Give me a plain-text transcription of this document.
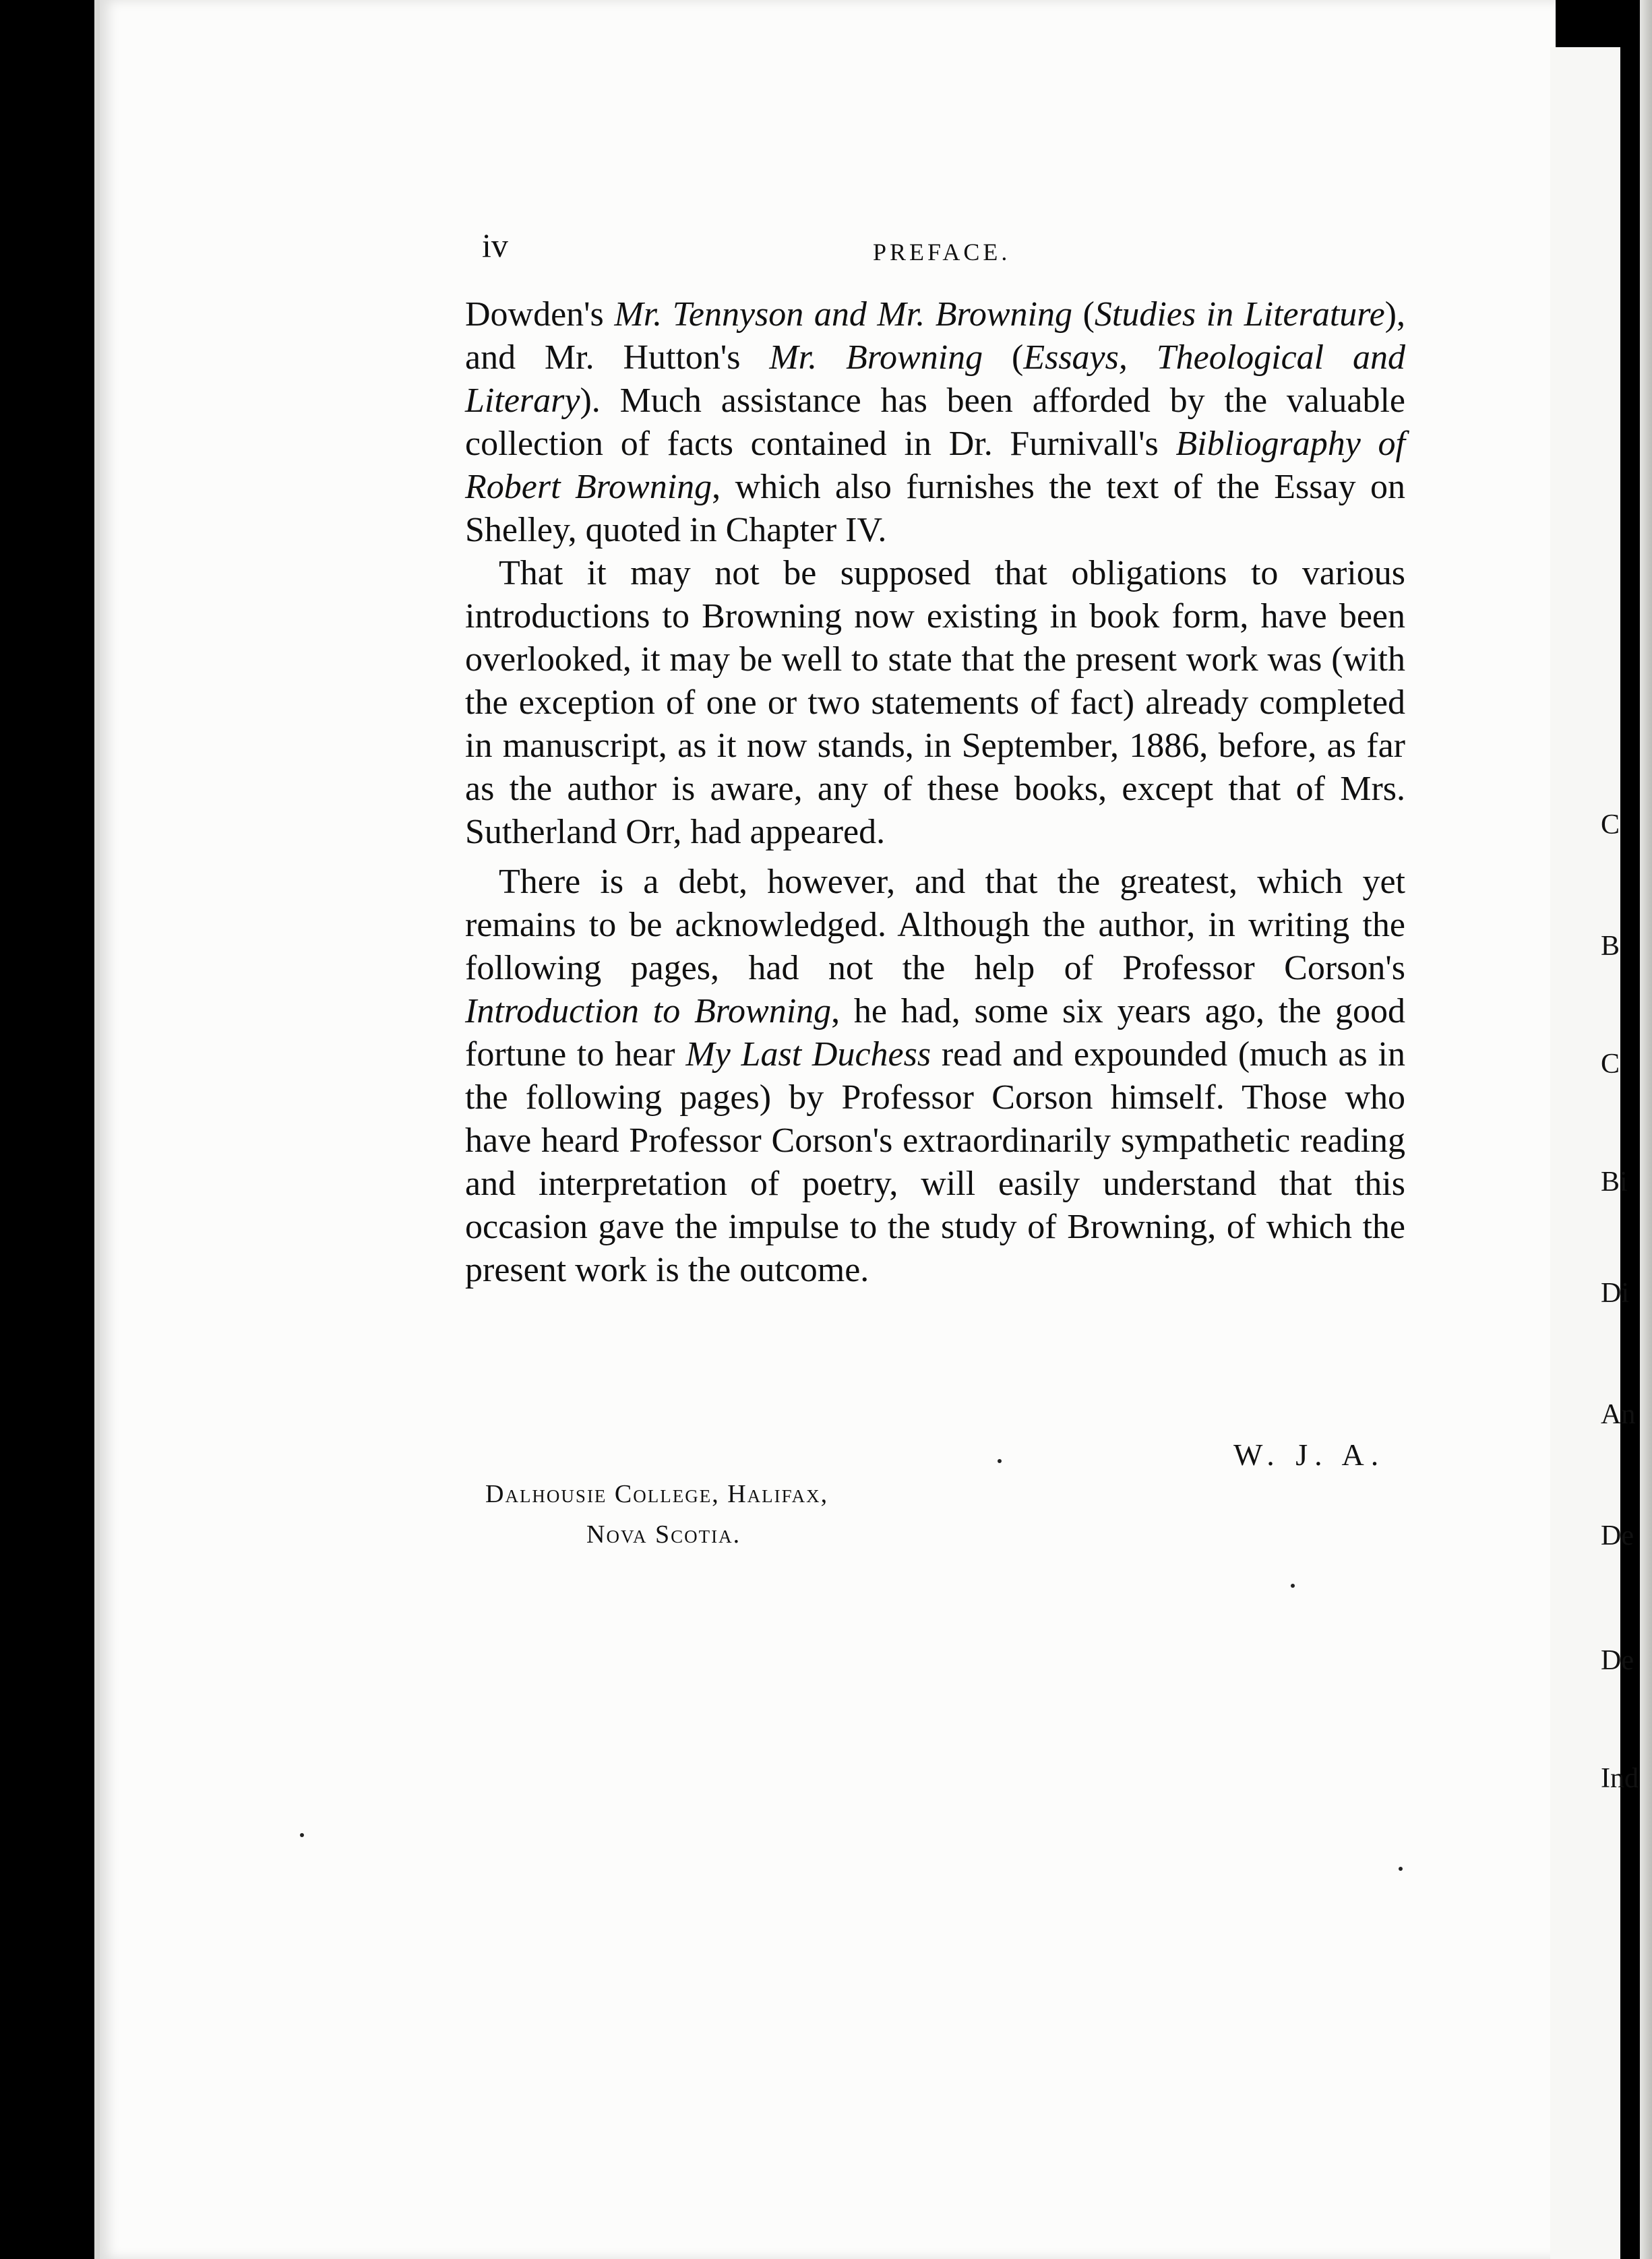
iv	PREFACE.

Dowden's Mr. Tennyson and Mr. Browning (Studies in Literature), and Mr. Hutton's Mr. Browning (Essays, Theological and Literary). Much assistance has been afforded by the valuable collection of facts contained in Dr. Furnivall's Bibliography of Robert Browning, which also furnishes the text of the Essay on Shelley, quoted in Chapter IV.

That it may not be supposed that obligations to various introductions to Browning now existing in book form, have been overlooked, it may be well to state that the present work was (with the exception of one or two statements of fact) already completed in manuscript, as it now stands, in September, 1886, before, as far as the author is aware, any of these books, except that of Mrs. Sutherland Orr, had appeared.

There is a debt, however, and that the greatest, which yet remains to be acknowledged. Although the author, in writing the following pages, had not the help of Professor Corson's Introduction to Browning, he had, some six years ago, the good fortune to hear My Last Duchess read and expounded (much as in the following pages) by Professor Corson himself. Those who have heard Professor Corson's extraordinarily sympathetic reading and interpretation of poetry, will easily understand that this occasion gave the impulse to the study of Browning, of which the present work is the outcome.

W. J. A.
Dalhousie College, Halifax,
Nova Scotia.
C
B
C
Bi
Di
An
De
De
Ind
